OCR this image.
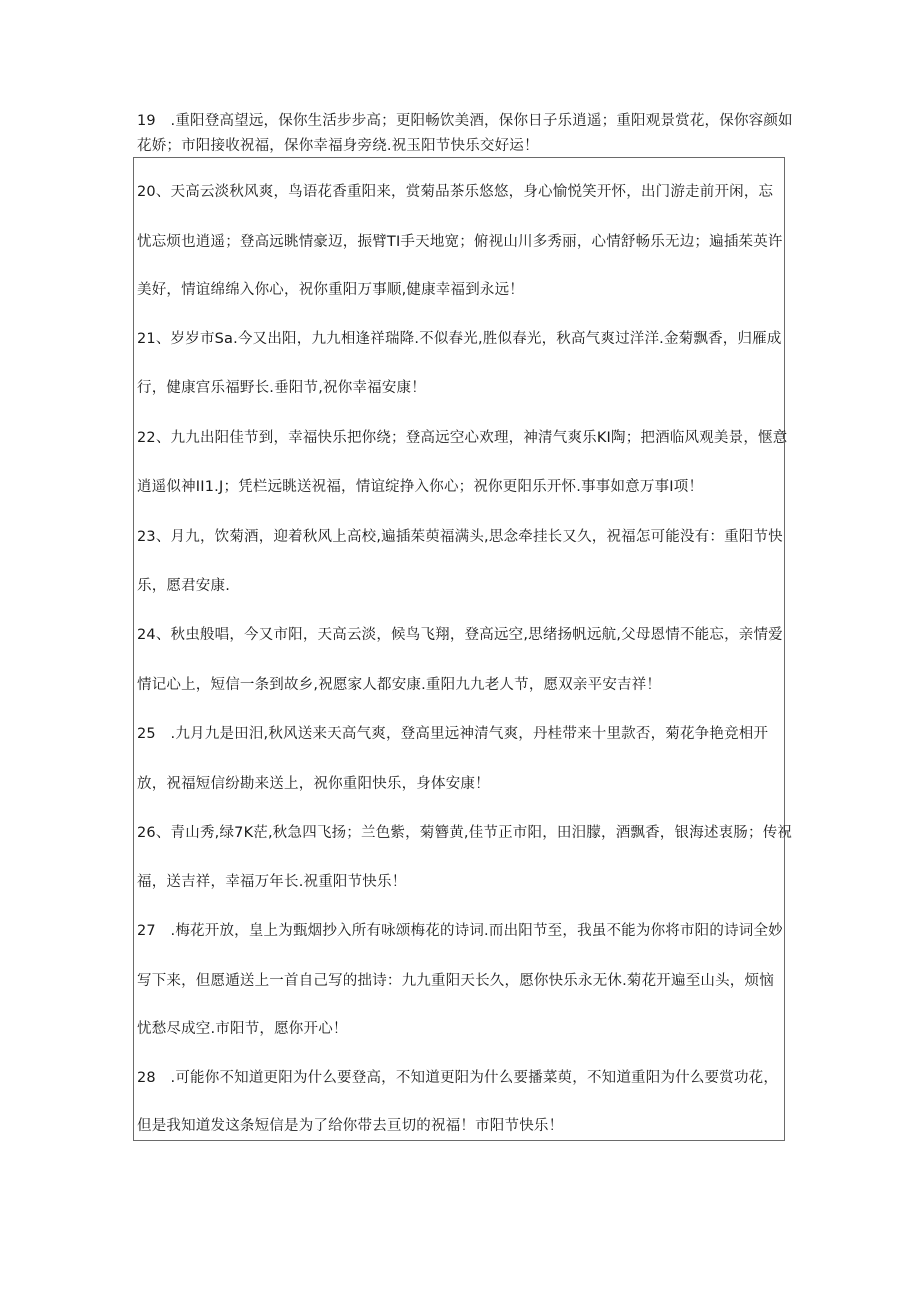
19　.重阳登高望远，保你生活步步高；更阳畅饮美酒，保你日子乐逍遥；重阳观景赏花，保你容颜如
花娇；市阳接收祝福，保你幸福身旁绕.祝玉阳节快乐交好运！
20、天高云淡秋风爽，鸟语花香重阳来，赏菊品茶乐悠悠，身心愉悦笑开怀，出门游走前开闲，忘
忧忘烦也逍遥；登高远眺情豪迈，振臂TI手天地宽；俯视山川多秀丽，心情舒畅乐无边；遍插茱英许
美好，情谊绵绵入你心，祝你重阳万事顺,健康幸福到永远！
21、岁岁市Sa.今又出阳，九九相逢祥瑞降.不似春光,胜似春光，秋高气爽过洋洋.金菊飘香，归雁成
行，健康宫乐福野长.垂阳节,祝你幸福安康！
22、九九出阳佳节到，幸福快乐把你绕；登高远空心欢理，神清气爽乐KI陶；把酒临风观美景，惬意
逍遥似神II1.J；凭栏远眺送祝福，情谊绽挣入你心；祝你更阳乐开怀.事事如意万事I项！
23、月九，饮菊酒，迎着秋风上高校,遍插茱萸福满头,思念牵挂长又久，祝福怎可能没有：重阳节快
乐，愿君安康.
24、秋虫般唱，今又市阳，天高云淡，候鸟飞翔，登高远空,思绪扬帆远航,父母恩情不能忘，亲情爱
情记心上，短信一条到故乡,祝愿家人都安康.重阳九九老人节，愿双亲平安吉祥！
25　.九月九是田汨,秋风送来天高气爽，登高里远神清气爽，丹桂带来十里款否，菊花争艳竞相开
放，祝福短信纷勘来送上，祝你重阳快乐，身体安康！
26、青山秀,绿7K茫,秋急四飞扬；兰色紫，菊簪黄,佳节正市阳，田汨朦，酒飘香，银海述衷肠；传祝
福，送吉祥，幸福万年长.祝重阳节快乐！
27　.梅花开放，皇上为甄烟抄入所有咏颂梅花的诗词.而出阳节至，我虽不能为你将市阳的诗词全妙
写下来，但愿遁送上一首自己写的拙诗：九九重阳天长久，愿你快乐永无休.菊花开遍至山头，烦恼
忧愁尽成空.市阳节，愿你开心！
28　.可能你不知道更阳为什么要登高，不知道更阳为什么要播菜萸，不知道重阳为什么要赏功花，
但是我知道发这条短信是为了给你带去亘切的祝福！市阳节快乐！
